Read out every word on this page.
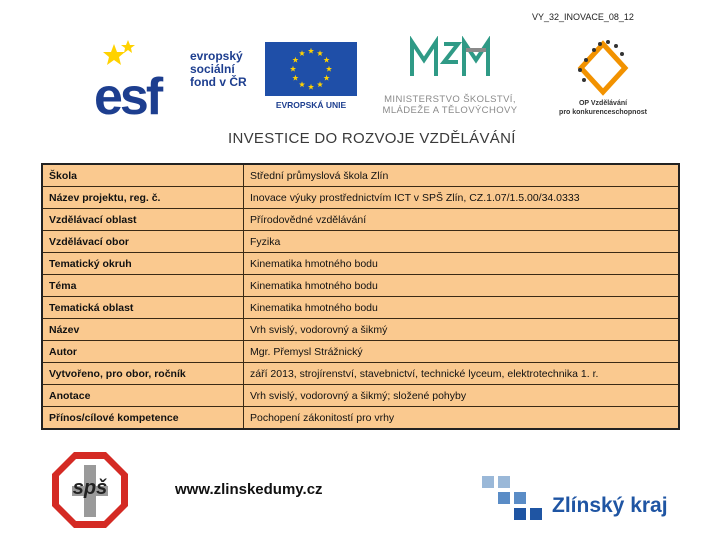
VY_32_INOVACE_08_12
esf
evropský
sociální
fond v ČR
EVROPSKÁ UNIE	MINISTERSTVO ŠKOLSTVÍ,
MLÁDEŽE A TĚLOVÝCHOVY
OP Vzdělávání
pro konkurenceschopnost
INVESTICE DO ROZVOJE VZDĚLÁVÁNÍ
Škola	Střední průmyslová škola Zlín
Název projektu, reg. č.	Inovace výuky prostřednictvím ICT v SPŠ Zlín, CZ.1.07/1.5.00/34.0333
Vzdělávací oblast	Přírodovědné vzdělávání
Vzdělávací obor	Fyzika
Tematický okruh	Kinematika hmotného bodu
Téma	Kinematika hmotného bodu
Tematická oblast	Kinematika hmotného bodu
Název	Vrh svislý, vodorovný a šikmý
Autor	Mgr. Přemysl Strážnický
Vytvořeno, pro obor, ročník	září 2013, strojírenství, stavebnictví, technické lyceum, elektrotechnika 1. r.
Anotace	Vrh svislý, vodorovný a šikmý; složené pohyby
Přínos/cílové kompetence	Pochopení zákonitostí pro vrhy
spš	www.zlinskedumy.cz
Zlínský kraj
